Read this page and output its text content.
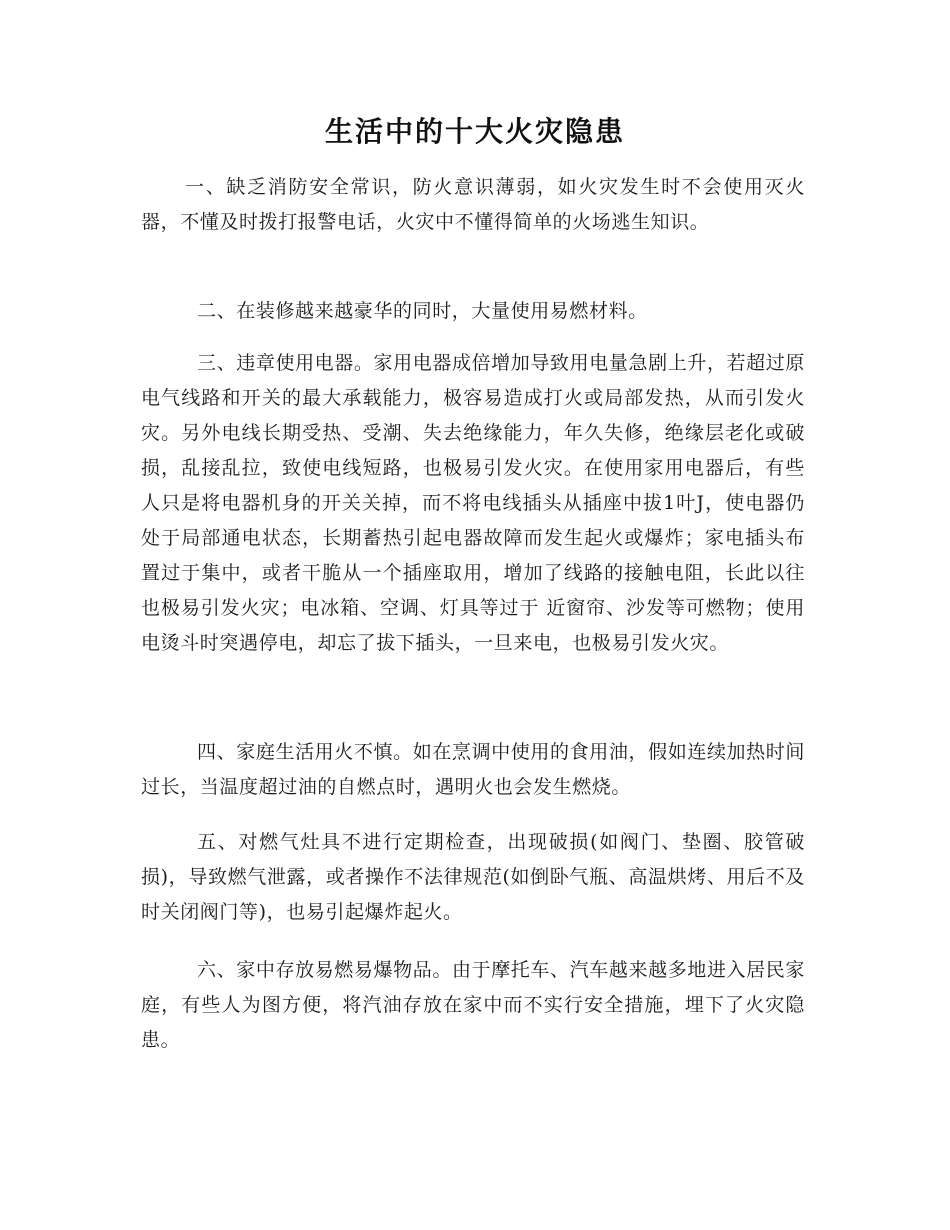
生活中的十大火灾隐患

一、缺乏消防安全常识，防火意识薄弱，如火灾发生时不会使用灭火器，不懂及时拨打报警电话，火灾中不懂得简单的火场逃生知识。

二、在装修越来越豪华的同时，大量使用易燃材料。

三、违章使用电器。家用电器成倍增加导致用电量急剧上升，若超过原电气线路和开关的最大承载能力，极容易造成打火或局部发热，从而引发火灾。另外电线长期受热、受潮、失去绝缘能力，年久失修，绝缘层老化或破损，乱接乱拉，致使电线短路，也极易引发火灾。在使用家用电器后，有些人只是将电器机身的开关关掉，而不将电线插头从插座中拔1叶J，使电器仍处于局部通电状态，长期蓄热引起电器故障而发生起火或爆炸；家电插头布置过于集中，或者干脆从一个插座取用，增加了线路的接触电阻，长此以往也极易引发火灾；电冰箱、空调、灯具等过于 近窗帘、沙发等可燃物；使用电烫斗时突遇停电，却忘了拔下插头，一旦来电，也极易引发火灾。

四、家庭生活用火不慎。如在烹调中使用的食用油，假如连续加热时间过长，当温度超过油的自燃点时，遇明火也会发生燃烧。

五、对燃气灶具不进行定期检查，出现破损(如阀门、垫圈、胶管破损)，导致燃气泄露，或者操作不法律规范(如倒卧气瓶、高温烘烤、用后不及时关闭阀门等)，也易引起爆炸起火。

六、家中存放易燃易爆物品。由于摩托车、汽车越来越多地进入居民家庭，有些人为图方便，将汽油存放在家中而不实行安全措施，埋下了火灾隐患。
